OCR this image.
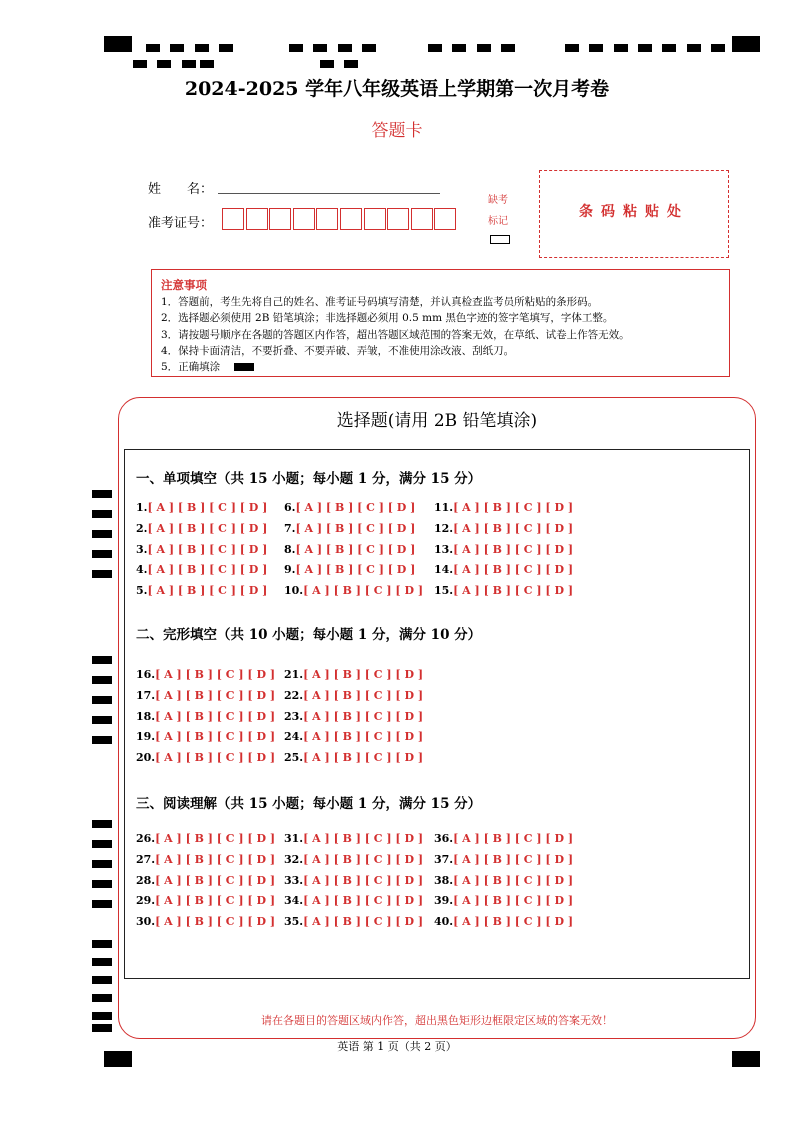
2024-2025 学年八年级英语上学期第一次月考卷
答题卡
姓　　名：
准考证号：
缺考
标记
条码粘贴处
注意事项
1．答题前，考生先将自己的姓名、准考证号码填写清楚，并认真检查监考员所粘贴的条形码。
2．选择题必须使用 2B 铅笔填涂；非选择题必须用 0.5 mm 黑色字迹的签字笔填写，字体工整。
3．请按题号顺序在各题的答题区内作答，超出答题区域范围的答案无效，在草纸、试卷上作答无效。
4．保持卡面清洁，不要折叠、不要弄破、弄皱，不准使用涂改液、刮纸刀。
5．正确填涂
选择题(请用 2B 铅笔填涂)
一、单项填空（共 15 小题；每小题 1 分，满分 15 分）
二、完形填空（共 10 小题；每小题 1 分，满分 10 分）
三、阅读理解（共 15 小题；每小题 1 分，满分 15 分）
1.[ A ] [ B ] [ C ] [ D ]
2.[ A ] [ B ] [ C ] [ D ]
3.[ A ] [ B ] [ C ] [ D ]
4.[ A ] [ B ] [ C ] [ D ]
5.[ A ] [ B ] [ C ] [ D ]
6.[ A ] [ B ] [ C ] [ D ]
7.[ A ] [ B ] [ C ] [ D ]
8.[ A ] [ B ] [ C ] [ D ]
9.[ A ] [ B ] [ C ] [ D ]
10.[ A ] [ B ] [ C ] [ D ]
11.[ A ] [ B ] [ C ] [ D ]
12.[ A ] [ B ] [ C ] [ D ]
13.[ A ] [ B ] [ C ] [ D ]
14.[ A ] [ B ] [ C ] [ D ]
15.[ A ] [ B ] [ C ] [ D ]
16.[ A ] [ B ] [ C ] [ D ]
17.[ A ] [ B ] [ C ] [ D ]
18.[ A ] [ B ] [ C ] [ D ]
19.[ A ] [ B ] [ C ] [ D ]
20.[ A ] [ B ] [ C ] [ D ]
21.[ A ] [ B ] [ C ] [ D ]
22.[ A ] [ B ] [ C ] [ D ]
23.[ A ] [ B ] [ C ] [ D ]
24.[ A ] [ B ] [ C ] [ D ]
25.[ A ] [ B ] [ C ] [ D ]
26.[ A ] [ B ] [ C ] [ D ]
27.[ A ] [ B ] [ C ] [ D ]
28.[ A ] [ B ] [ C ] [ D ]
29.[ A ] [ B ] [ C ] [ D ]
30.[ A ] [ B ] [ C ] [ D ]
31.[ A ] [ B ] [ C ] [ D ]
32.[ A ] [ B ] [ C ] [ D ]
33.[ A ] [ B ] [ C ] [ D ]
34.[ A ] [ B ] [ C ] [ D ]
35.[ A ] [ B ] [ C ] [ D ]
36.[ A ] [ B ] [ C ] [ D ]
37.[ A ] [ B ] [ C ] [ D ]
38.[ A ] [ B ] [ C ] [ D ]
39.[ A ] [ B ] [ C ] [ D ]
40.[ A ] [ B ] [ C ] [ D ]
请在各题目的答题区域内作答，超出黑色矩形边框限定区域的答案无效！
英语 第 1 页（共 2 页）
